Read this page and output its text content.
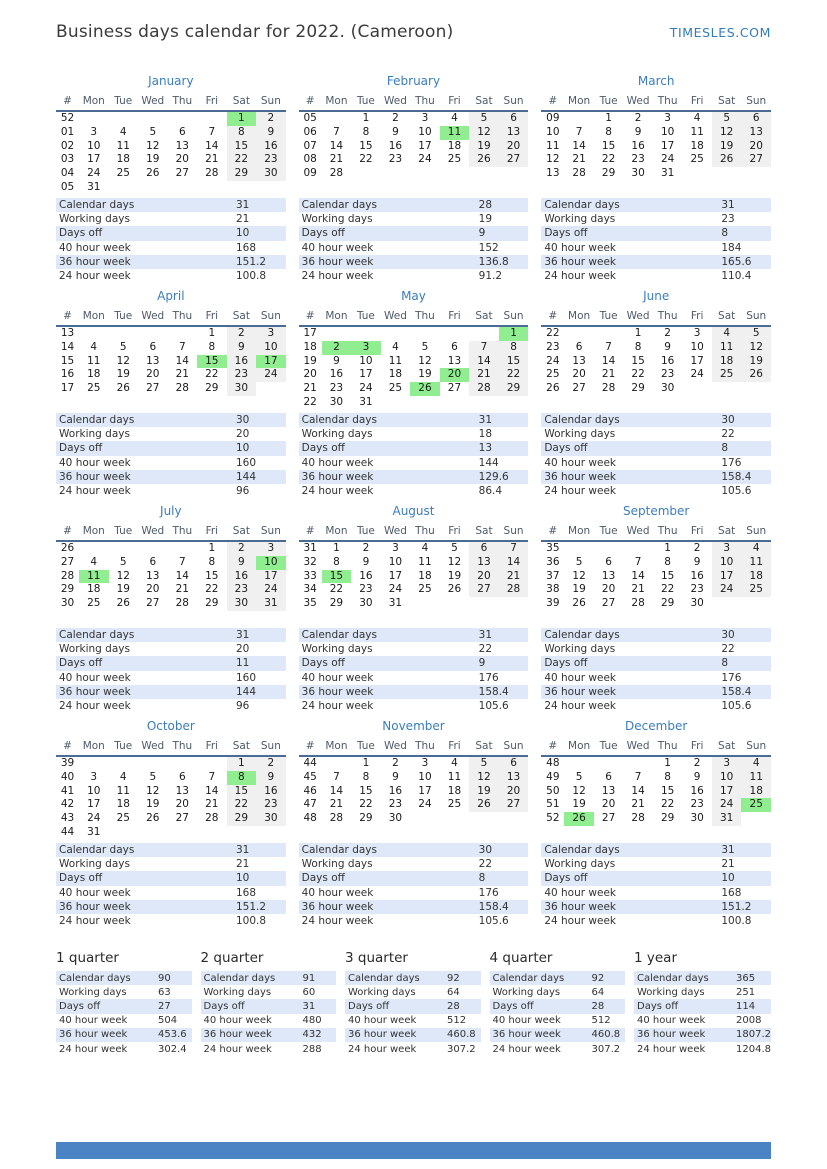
Business days calendar for 2022. (Cameroon)	TIMESLES.COM
January
#	Mon	Tue	Wed	Thu	Fri	Sat	Sun
52						1	2
01	3	4	5	6	7	8	9
02	10	11	12	13	14	15	16
03	17	18	19	20	21	22	23
04	24	25	26	27	28	29	30
05	31						
Calendar days	31
Working days	21
Days off	10
40 hour week	168
36 hour week	151.2
24 hour week	100.8
February
#	Mon	Tue	Wed	Thu	Fri	Sat	Sun
05		1	2	3	4	5	6
06	7	8	9	10	11	12	13
07	14	15	16	17	18	19	20
08	21	22	23	24	25	26	27
09	28						
Calendar days	28
Working days	19
Days off	9
40 hour week	152
36 hour week	136.8
24 hour week	91.2
March
#	Mon	Tue	Wed	Thu	Fri	Sat	Sun
09		1	2	3	4	5	6
10	7	8	9	10	11	12	13
11	14	15	16	17	18	19	20
12	21	22	23	24	25	26	27
13	28	29	30	31			
Calendar days	31
Working days	23
Days off	8
40 hour week	184
36 hour week	165.6
24 hour week	110.4
April
#	Mon	Tue	Wed	Thu	Fri	Sat	Sun
13					1	2	3
14	4	5	6	7	8	9	10
15	11	12	13	14	15	16	17
16	18	19	20	21	22	23	24
17	25	26	27	28	29	30	
Calendar days	30
Working days	20
Days off	10
40 hour week	160
36 hour week	144
24 hour week	96
May
#	Mon	Tue	Wed	Thu	Fri	Sat	Sun
17							1
18	2	3	4	5	6	7	8
19	9	10	11	12	13	14	15
20	16	17	18	19	20	21	22
21	23	24	25	26	27	28	29
22	30	31					
Calendar days	31
Working days	18
Days off	13
40 hour week	144
36 hour week	129.6
24 hour week	86.4
June
#	Mon	Tue	Wed	Thu	Fri	Sat	Sun
22			1	2	3	4	5
23	6	7	8	9	10	11	12
24	13	14	15	16	17	18	19
25	20	21	22	23	24	25	26
26	27	28	29	30			
Calendar days	30
Working days	22
Days off	8
40 hour week	176
36 hour week	158.4
24 hour week	105.6
July
#	Mon	Tue	Wed	Thu	Fri	Sat	Sun
26					1	2	3
27	4	5	6	7	8	9	10
28	11	12	13	14	15	16	17
29	18	19	20	21	22	23	24
30	25	26	27	28	29	30	31
Calendar days	31
Working days	20
Days off	11
40 hour week	160
36 hour week	144
24 hour week	96
August
#	Mon	Tue	Wed	Thu	Fri	Sat	Sun
31	1	2	3	4	5	6	7
32	8	9	10	11	12	13	14
33	15	16	17	18	19	20	21
34	22	23	24	25	26	27	28
35	29	30	31				
Calendar days	31
Working days	22
Days off	9
40 hour week	176
36 hour week	158.4
24 hour week	105.6
September
#	Mon	Tue	Wed	Thu	Fri	Sat	Sun
35				1	2	3	4
36	5	6	7	8	9	10	11
37	12	13	14	15	16	17	18
38	19	20	21	22	23	24	25
39	26	27	28	29	30		
Calendar days	30
Working days	22
Days off	8
40 hour week	176
36 hour week	158.4
24 hour week	105.6
October
#	Mon	Tue	Wed	Thu	Fri	Sat	Sun
39						1	2
40	3	4	5	6	7	8	9
41	10	11	12	13	14	15	16
42	17	18	19	20	21	22	23
43	24	25	26	27	28	29	30
44	31						
Calendar days	31
Working days	21
Days off	10
40 hour week	168
36 hour week	151.2
24 hour week	100.8
November
#	Mon	Tue	Wed	Thu	Fri	Sat	Sun
44		1	2	3	4	5	6
45	7	8	9	10	11	12	13
46	14	15	16	17	18	19	20
47	21	22	23	24	25	26	27
48	28	29	30				
Calendar days	30
Working days	22
Days off	8
40 hour week	176
36 hour week	158.4
24 hour week	105.6
December
#	Mon	Tue	Wed	Thu	Fri	Sat	Sun
48				1	2	3	4
49	5	6	7	8	9	10	11
50	12	13	14	15	16	17	18
51	19	20	21	22	23	24	25
52	26	27	28	29	30	31	
Calendar days	31
Working days	21
Days off	10
40 hour week	168
36 hour week	151.2
24 hour week	100.8
1 quarter
Calendar days	90
Working days	63
Days off	27
40 hour week	504
36 hour week	453.6
24 hour week	302.4
2 quarter
Calendar days	91
Working days	60
Days off	31
40 hour week	480
36 hour week	432
24 hour week	288
3 quarter
Calendar days	92
Working days	64
Days off	28
40 hour week	512
36 hour week	460.8
24 hour week	307.2
4 quarter
Calendar days	92
Working days	64
Days off	28
40 hour week	512
36 hour week	460.8
24 hour week	307.2
1 year
Calendar days	365
Working days	251
Days off	114
40 hour week	2008
36 hour week	1807.2
24 hour week	1204.8
